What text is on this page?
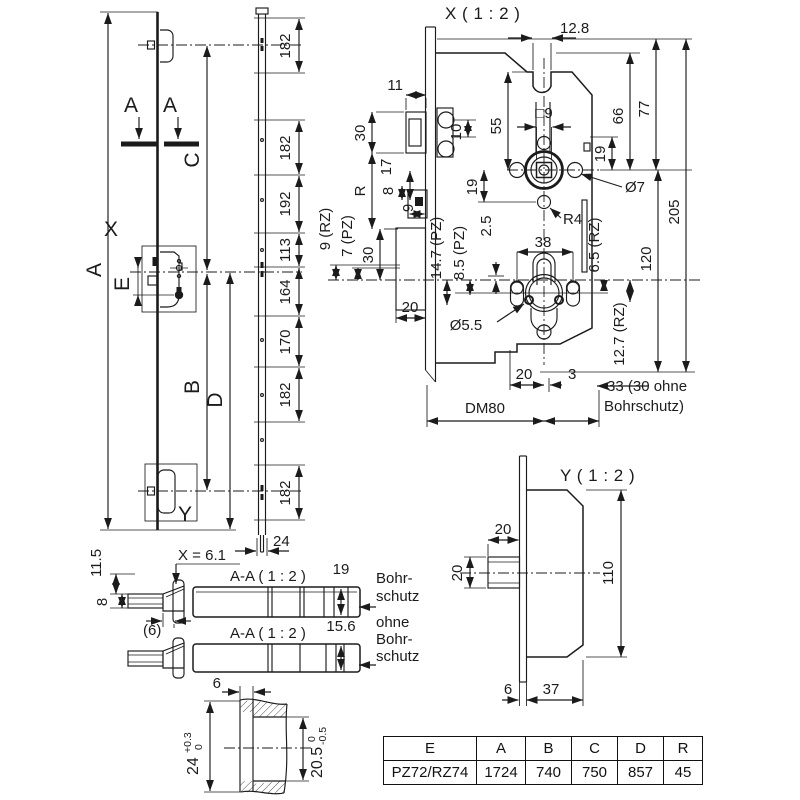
A
A A
C
B
D
X
E
Y
182
182
192
113
164
170
182
182
24
X ( 1 : 2 )
12.8
□9
11
30
R
17
8
9
30
9 (RZ) 7 (PZ)
20
55
10
19
2.5
14.7 (PZ) 8.5 (PZ)	38
R4
Ø5.5
19
66 77
Ø7
205
120
6.5 (RZ)
12.7 (RZ)
33 (30 ohne
Bohrschutz)
20 3
DM80
Y ( 1 : 2 )
20
20	110
6 37
X = 6.1
A-A ( 1 : 2 ) 19
Bohr-
schutz
11.5
8
(6)	A-A ( 1 : 2 ) 15.6 ohne
Bohr-
schutz
6
24
+0.3 0	20.5
0 -0.5
E	A	B	C	D	R
PZ72/RZ74	1724	740	750	857	45
